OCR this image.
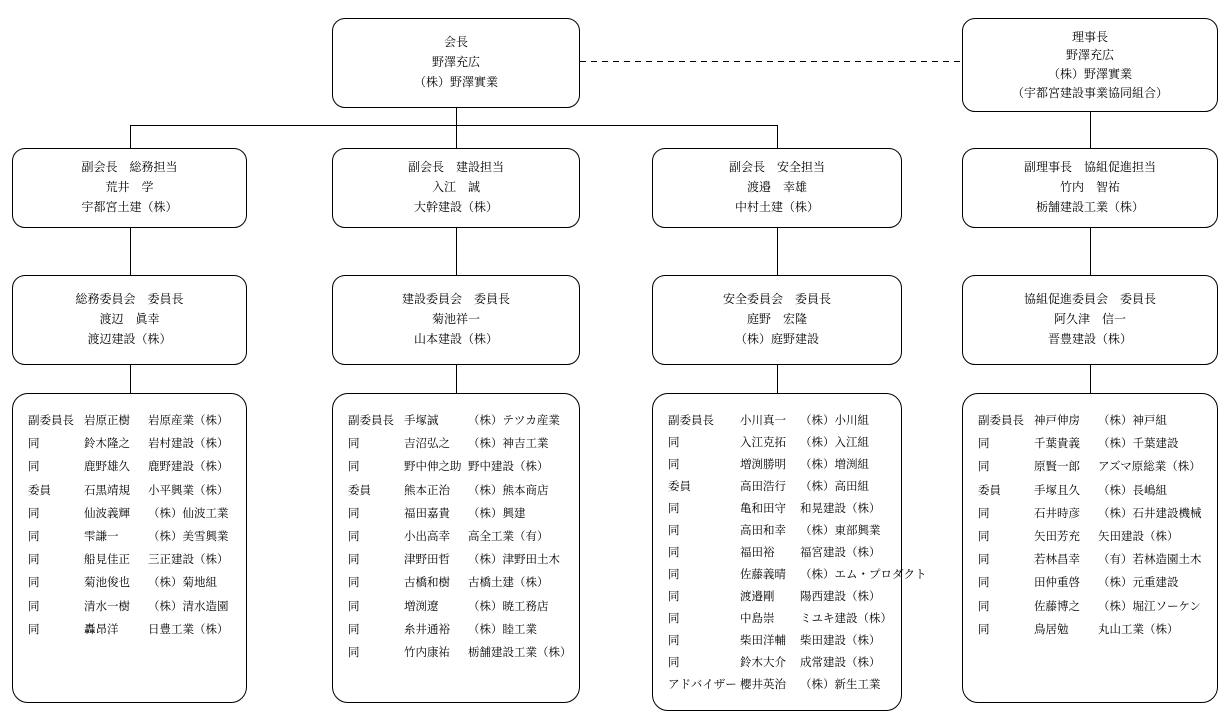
会長
野澤充広
（株）野澤實業
理事長
野澤充広
（株）野澤實業
（宇都宮建設事業協同組合）
副会長　総務担当
荒井　学
宇都宮土建（株）
副会長　建設担当
入江　誠
大幹建設（株）
副会長　安全担当
渡邉　幸雄
中村土建（株）
副理事長　協組促進担当
竹内　智祐
栃舗建設工業（株）
総務委員会　委員長
渡辺　眞幸
渡辺建設（株）
建設委員会　委員長
菊池祥一
山本建設（株）
安全委員会　委員長
庭野　宏隆
（株）庭野建設
協組促進委員会　委員長
阿久津　信一
晋豊建設（株）
副委員長 岩原正樹	岩原産業（株）
同	鈴木隆之	岩村建設（株）
同	鹿野雄久	鹿野建設（株）
委員	石黒靖規	小平興業（株）
同	仙波義輝	（株）仙波工業
同	雫謙一	（株）美雪興業
同	船見佳正	三正建設（株）
同	菊池俊也	（株）菊地組
同	清水一樹	（株）清水造園
同	轟昂洋	日豊工業（株）
副委員長 手塚誠	（株）テツカ産業
同	吉沼弘之	（株）神吉工業
同	野中伸之助 野中建設（株）
委員	熊本正治	（株）熊本商店
同	福田嘉貴	（株）興建
同	小出高幸	高全工業（有）
同	津野田哲	（株）津野田土木
同	古橋和樹	古橋土建（株）
同	増渕遼	（株）暁工務店
同	糸井通裕	（株）睦工業
同	竹内康祐	栃舗建設工業（株）
副委員長	小川真一	（株）小川組
同	入江克拓	（株）入江組
同	増渕勝明	（株）増渕組
委員	高田浩行	（株）高田組
同	亀和田守	和晃建設（株）
同	高田和幸	（株）東部興業
同	福田裕	福宮建設（株）
同	佐藤義晴	（株）エム・プロダクト
同	渡邉剛	陽西建設（株）
同	中島崇	ミユキ建設（株）
同	柴田洋輔	柴田建設（株）
同	鈴木大介	成常建設（株）
アドバイザー 櫻井英治	（株）新生工業
副委員長 神戸伸房	（株）神戸組
同	千葉貴義	（株）千葉建設
同	原賢一郎	アズマ原総業（株）
委員	手塚且久	（株）長嶋組
同	石井時彦	（株）石井建設機械
同	矢田芳充	矢田建設（株）
同	若林昌幸	（有）若林造園土木
同	田仲重啓	（株）元重建設
同	佐藤博之	（株）堀江ソーケン
同	鳥居勉	丸山工業（株）
